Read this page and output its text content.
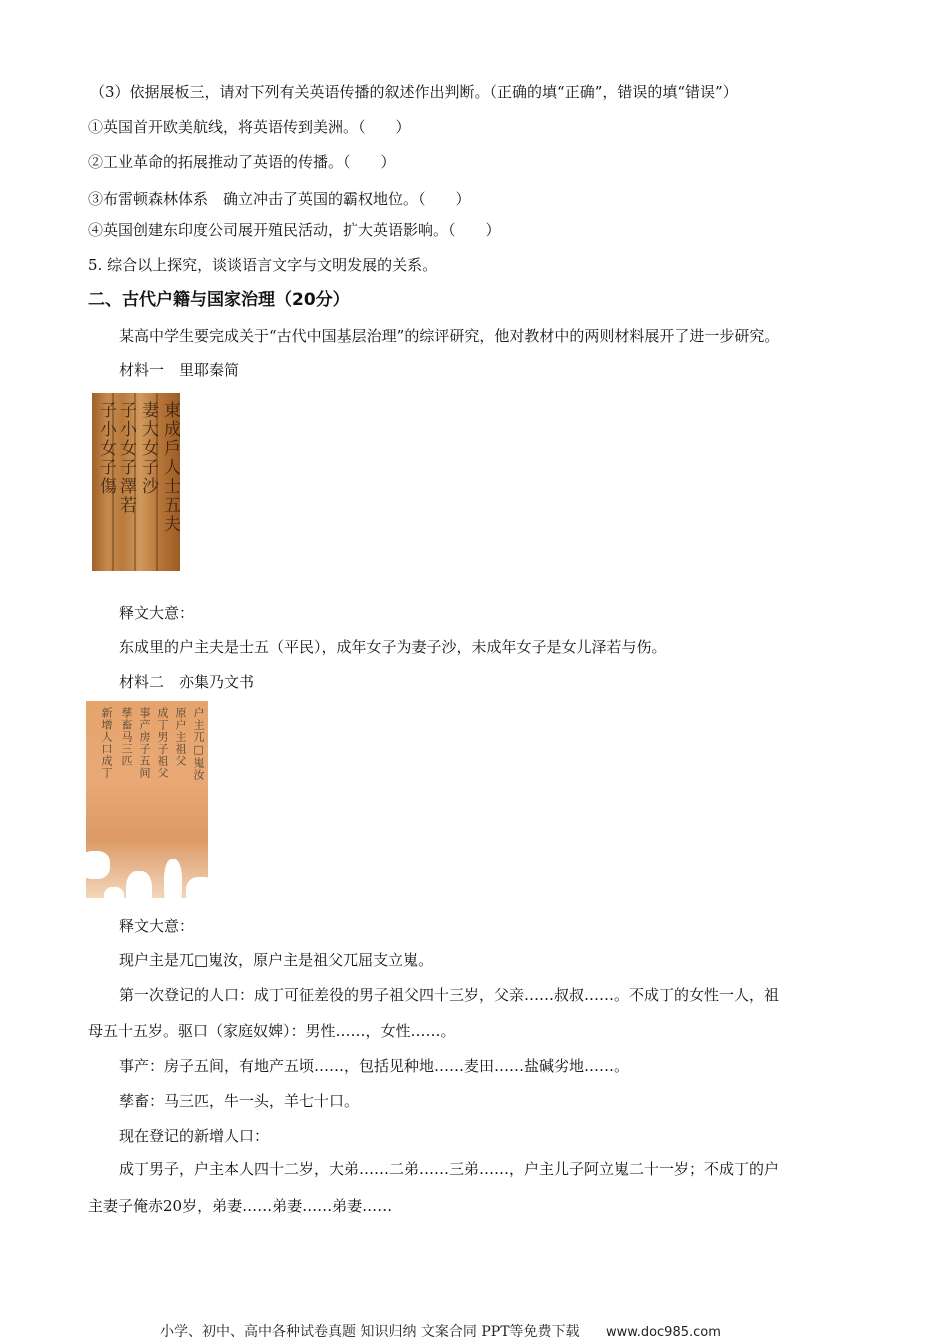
（3）依据展板三，请对下列有关英语传播的叙述作出判断。（正确的填“正确”，错误的填“错误”）
①英国首开欧美航线，将英语传到美洲。（　　）
②工业革命的拓展推动了英语的传播。（　　）
③布雷顿森林体系　确立冲击了英国的霸权地位。（　　）
④英国创建东印度公司展开殖民活动，扩大英语影响。（　　）
5. 综合以上探究，谈谈语言文字与文明发展的关系。
二、古代户籍与国家治理（20分）
某高中学生要完成关于“古代中国基层治理”的综评研究，他对教材中的两则材料展开了进一步研究。
材料一　里耶秦简
東成戶人士五夫
妻大女子沙
子小女子澤若
子小女子傷
释文大意：
东成里的户主夫是士五（平民），成年女子为妻子沙，未成年女子是女儿泽若与伤。
材料二　亦集乃文书
户主兀□嵬汝
原户主祖父
成丁男子祖父
事产房子五间
孳畜马三匹
新增人口成丁
释文大意：
现户主是兀□嵬汝，原户主是祖父兀屈支立嵬。
第一次登记的人口：成丁可征差役的男子祖父四十三岁，父亲……叔叔……。不成丁的女性一人，祖
母五十五岁。驱口（家庭奴婢）：男性……，女性……。
事产：房子五间，有地产五顷……，包括见种地……麦田……盐碱劣地……。
孳畜：马三匹，牛一头，羊七十口。
现在登记的新增人口：
成丁男子，户主本人四十二岁，大弟……二弟……三弟……，户主儿子阿立嵬二十一岁；不成丁的户
主妻子俺赤20岁，弟妻……弟妻……弟妻……
小学、初中、高中各种试卷真题 知识归纳 文案合同 PPT等免费下载 www.doc985.com
